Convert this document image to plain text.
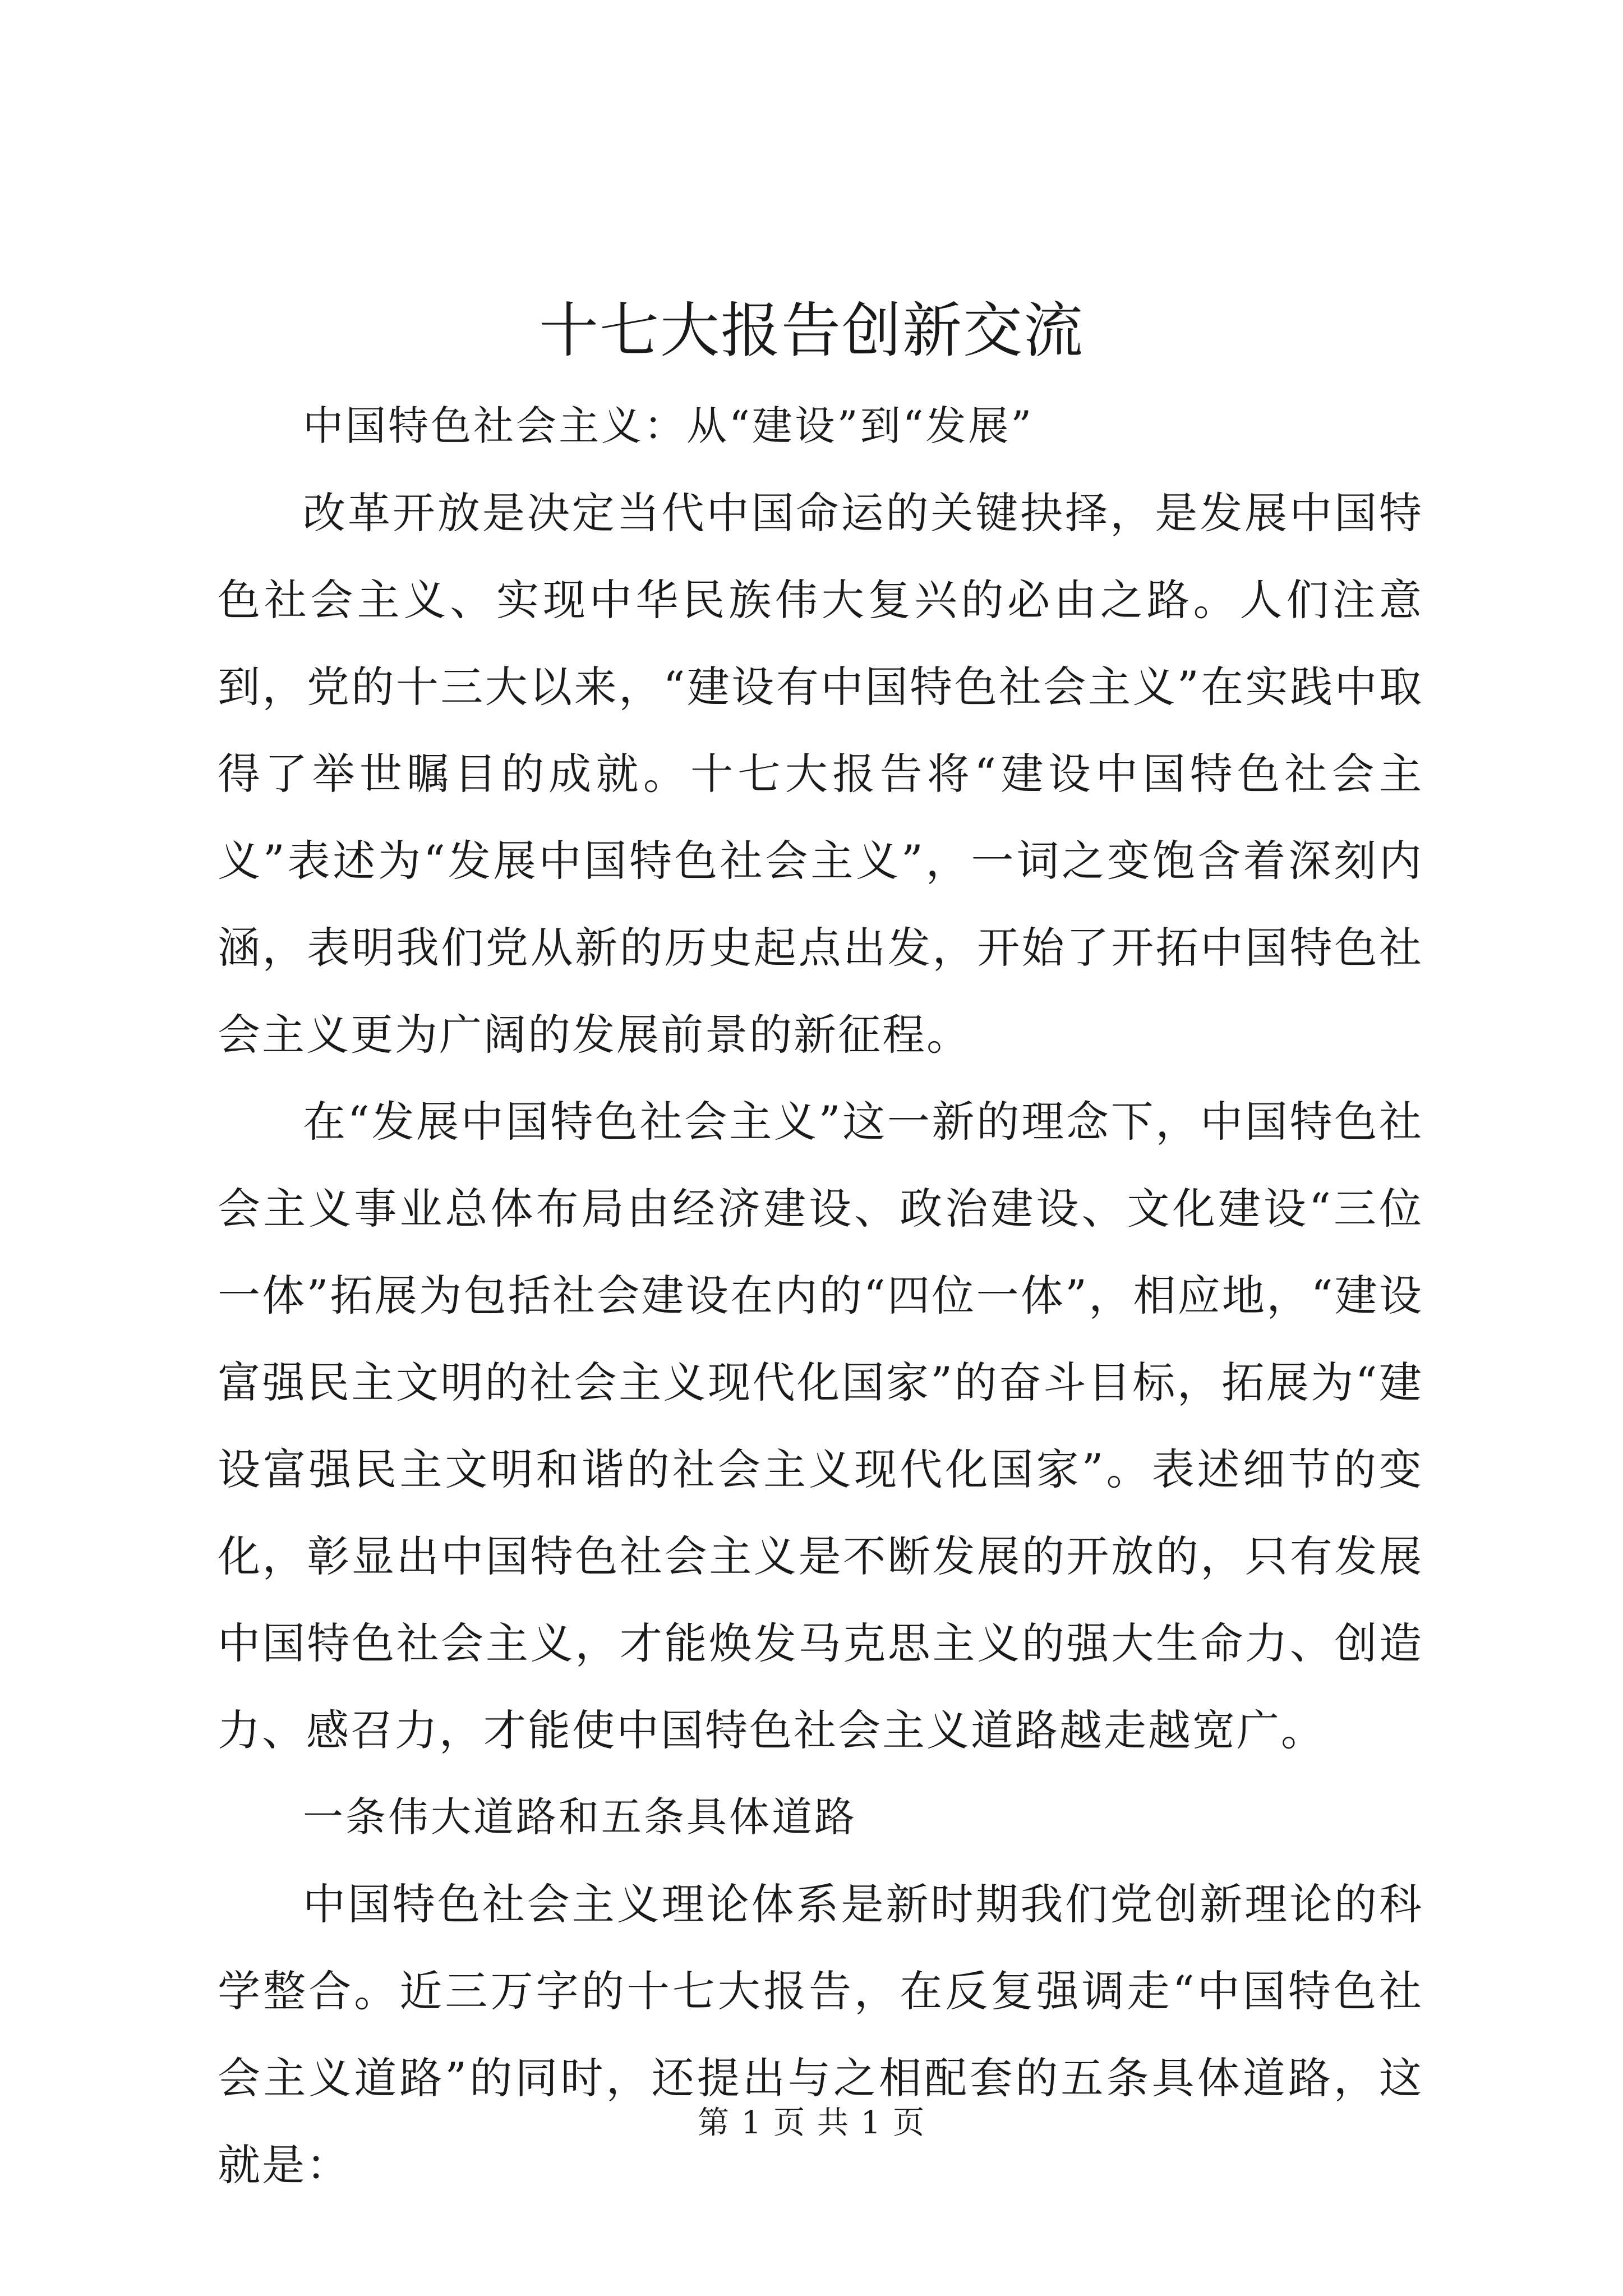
十七大报告创新交流

中国特色社会主义：从“建设”到“发展”

改革开放是决定当代中国命运的关键抉择，是发展中国特色社会主义、实现中华民族伟大复兴的必由之路。人们注意到，党的十三大以来，“建设有中国特色社会主义”在实践中取得了举世瞩目的成就。十七大报告将“建设中国特色社会主义”表述为“发展中国特色社会主义”，一词之变饱含着深刻内涵，表明我们党从新的历史起点出发，开始了开拓中国特色社会主义更为广阔的发展前景的新征程。

在“发展中国特色社会主义”这一新的理念下，中国特色社会主义事业总体布局由经济建设、政治建设、文化建设“三位一体”拓展为包括社会建设在内的“四位一体”，相应地，“建设富强民主文明的社会主义现代化国家”的奋斗目标，拓展为“建设富强民主文明和谐的社会主义现代化国家”。表述细节的变化，彰显出中国特色社会主义是不断发展的开放的，只有发展中国特色社会主义，才能焕发马克思主义的强大生命力、创造力、感召力，才能使中国特色社会主义道路越走越宽广。

一条伟大道路和五条具体道路

中国特色社会主义理论体系是新时期我们党创新理论的科学整合。近三万字的十七大报告，在反复强调走“中国特色社会主义道路”的同时，还提出与之相配套的五条具体道路，这就是：

第 1 页 共 1 页
